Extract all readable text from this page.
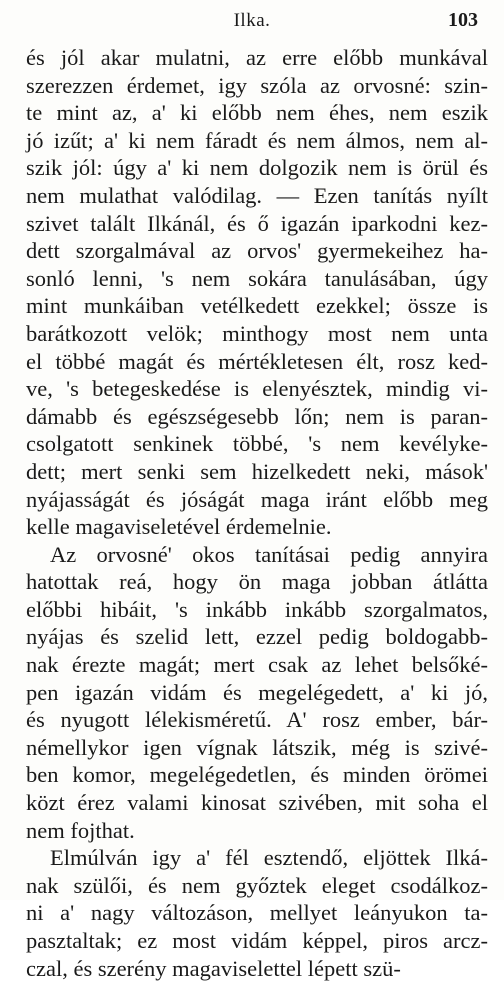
Ilka.	103
és jól akar mulatni, az erre előbb munkával
szerezzen érdemet, igy szóla az orvosné: szin-
te mint az, a' ki előbb nem éhes, nem eszik
jó izűt; a' ki nem fáradt és nem álmos, nem al-
szik jól: úgy a' ki nem dolgozik nem is örül és
nem mulathat valódilag. — Ezen tanítás nyílt
szivet talált Ilkánál, és ő igazán iparkodni kez-
dett szorgalmával az orvos' gyermekeihez ha-
sonló lenni, 's nem sokára tanulásában, úgy
mint munkáiban vetélkedett ezekkel; össze is
barátkozott velök; minthogy most nem unta
el többé magát és mértékletesen élt, rosz ked-
ve, 's betegeskedése is elenyésztek, mindig vi-
dámabb és egészségesebb lőn; nem is paran-
csolgatott senkinek többé, 's nem kevélyke-
dett; mert senki sem hizelkedett neki, mások'
nyájasságát és jóságát maga iránt előbb meg
kelle magaviseletével érdemelnie.
Az orvosné' okos tanításai pedig annyira
hatottak reá, hogy ön maga jobban átlátta
előbbi hibáit, 's inkább inkább szorgalmatos,
nyájas és szelid lett, ezzel pedig boldogabb-
nak érezte magát; mert csak az lehet belsőké-
pen igazán vidám és megelégedett, a' ki jó,
és nyugott lélekisméretű. A' rosz ember, bár-
némellykor igen vígnak látszik, még is szivé-
ben komor, megelégedetlen, és minden örömei
közt érez valami kinosat szivében, mit soha el
nem fojthat.
Elmúlván igy a' fél esztendő, eljöttek Ilká-
nak szülői, és nem győztek eleget csodálkoz-
ni a' nagy változáson, mellyet leányukon ta-
pasztaltak; ez most vidám képpel, piros arcz-
czal, és szerény magaviselettel lépett szü-
